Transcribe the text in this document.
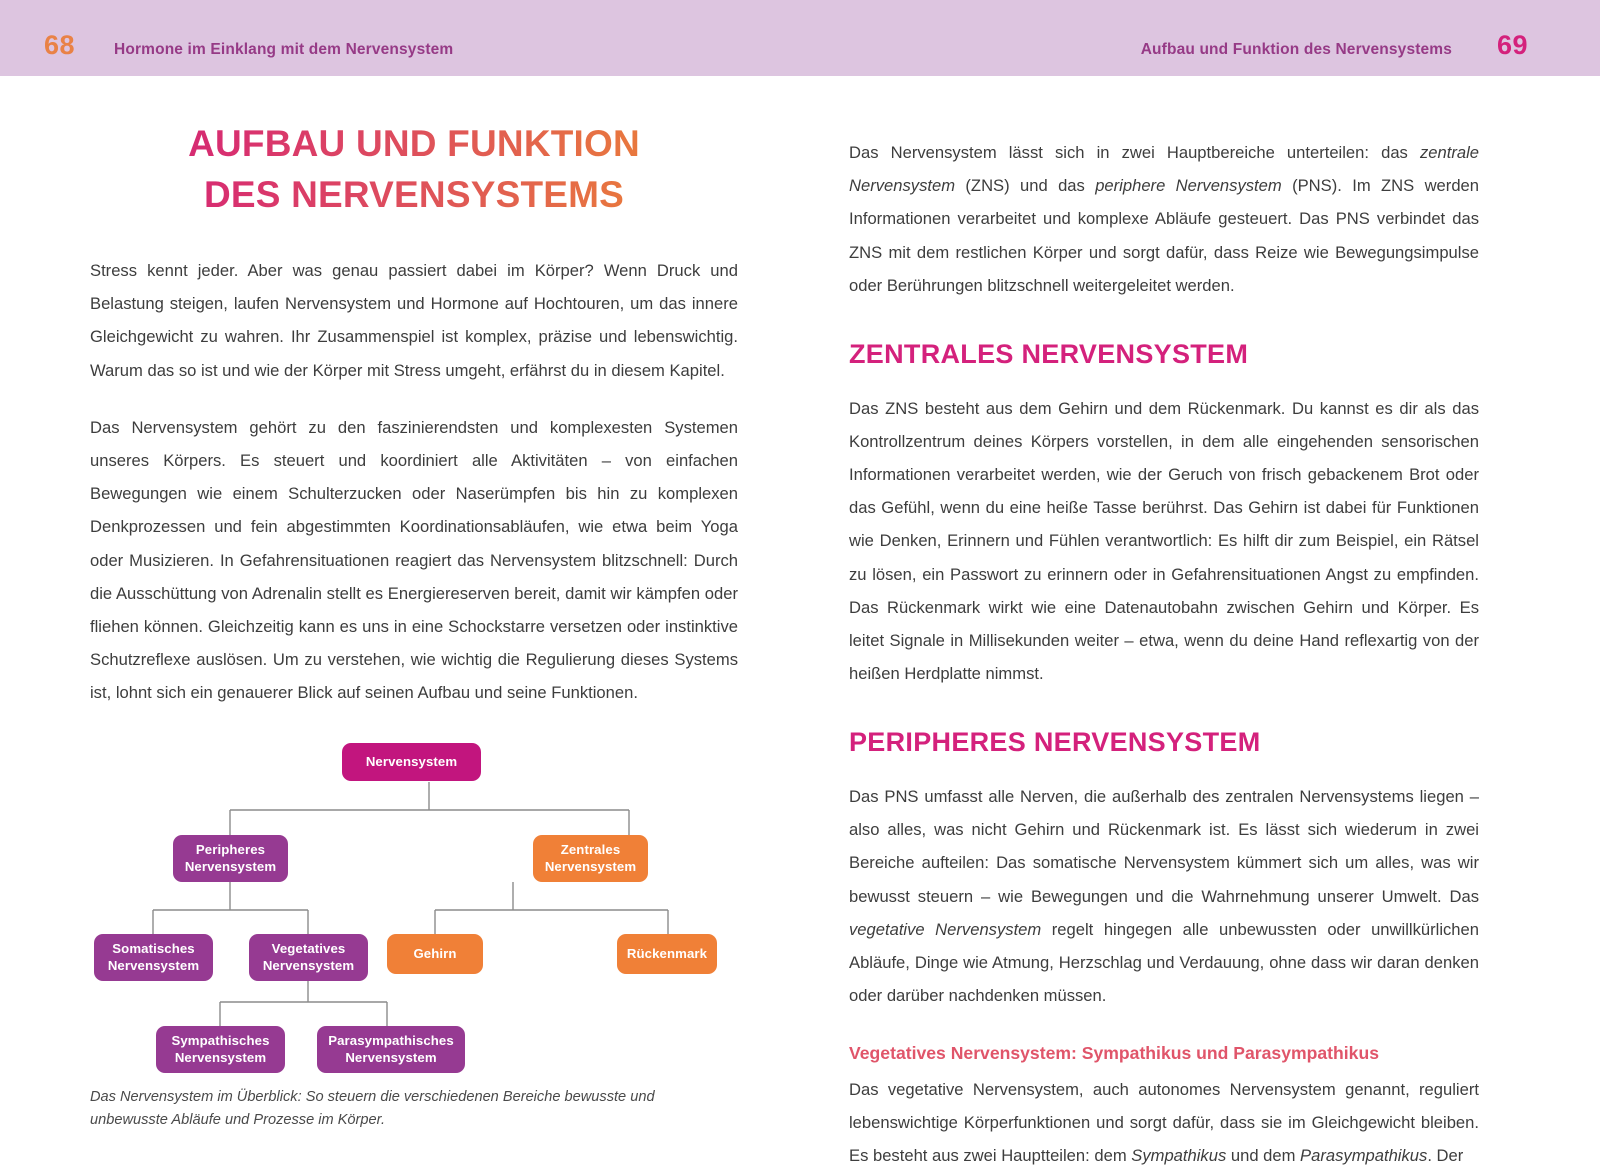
68	Hormone im Einklang mit dem Nervensystem	Aufbau und Funktion des Nervensystems 69
AUFBAU UND FUNKTION
DES NERVENSYSTEMS

Stress kennt jeder. Aber was genau passiert dabei im Körper? Wenn Druck und Belastung steigen, laufen Nervensystem und Hormone auf Hochtouren, um das innere Gleichgewicht zu wahren. Ihr Zusammenspiel ist komplex, präzise und lebenswichtig. Warum das so ist und wie der Körper mit Stress umgeht, erfährst du in diesem Kapitel.

Das Nervensystem gehört zu den faszinierendsten und komplexesten Systemen unseres Körpers. Es steuert und koordiniert alle Aktivitäten – von einfachen Bewegungen wie einem Schulterzucken oder Naserümpfen bis hin zu komplexen Denkprozessen und fein abgestimmten Koordinationsabläufen, wie etwa beim Yoga oder Musizieren. In Gefahrensituationen reagiert das Nervensystem blitzschnell: Durch die Ausschüttung von Adrenalin stellt es Energiereserven bereit, damit wir kämpfen oder fliehen können. Gleichzeitig kann es uns in eine Schockstarre versetzen oder instinktive Schutzreflexe auslösen. Um zu verstehen, wie wichtig die Regulierung dieses Systems ist, lohnt sich ein genauerer Blick auf seinen Aufbau und seine Funktionen.

Nervensystem
Peripheres
Nervensystem
Zentrales
Nervensystem
Somatisches
Nervensystem
Vegetatives
Nervensystem
Gehirn	Rückenmark
Sympathisches
Nervensystem
Parasympathisches
Nervensystem

Das Nervensystem im Überblick: So steuern die verschiedenen Bereiche bewusste und unbewusste Abläufe und Prozesse im Körper.

Das Nervensystem lässt sich in zwei Hauptbereiche unterteilen: das zentrale Nervensystem (ZNS) und das periphere Nervensystem (PNS). Im ZNS werden Informationen verarbeitet und komplexe Abläufe gesteuert. Das PNS verbindet das ZNS mit dem restlichen Körper und sorgt dafür, dass Reize wie Bewegungsimpulse oder Berührungen blitzschnell weitergeleitet werden.

ZENTRALES NERVENSYSTEM

Das ZNS besteht aus dem Gehirn und dem Rückenmark. Du kannst es dir als das Kontrollzentrum deines Körpers vorstellen, in dem alle eingehenden sensorischen Informationen verarbeitet werden, wie der Geruch von frisch gebackenem Brot oder das Gefühl, wenn du eine heiße Tasse berührst. Das Gehirn ist dabei für Funktionen wie Denken, Erinnern und Fühlen verantwortlich: Es hilft dir zum Beispiel, ein Rätsel zu lösen, ein Passwort zu erinnern oder in Gefahrensituationen Angst zu empfinden. Das Rückenmark wirkt wie eine Datenautobahn zwischen Gehirn und Körper. Es leitet Signale in Millisekunden weiter – etwa, wenn du deine Hand reflexartig von der heißen Herdplatte nimmst.

PERIPHERES NERVENSYSTEM

Das PNS umfasst alle Nerven, die außerhalb des zentralen Nervensystems liegen – also alles, was nicht Gehirn und Rückenmark ist. Es lässt sich wiederum in zwei Bereiche aufteilen: Das somatische Nervensystem kümmert sich um alles, was wir bewusst steuern – wie Bewegungen und die Wahrnehmung unserer Umwelt. Das vegetative Nervensystem regelt hingegen alle unbewussten oder unwillkürlichen Abläufe, Dinge wie Atmung, Herzschlag und Verdauung, ohne dass wir daran denken oder darüber nachdenken müssen.

Vegetatives Nervensystem: Sympathikus und Parasympathikus

Das vegetative Nervensystem, auch autonomes Nervensystem genannt, reguliert lebenswichtige Körperfunktionen und sorgt dafür, dass sie im Gleichgewicht bleiben. Es besteht aus zwei Hauptteilen: dem Sympathikus und dem Parasympathikus. Der
